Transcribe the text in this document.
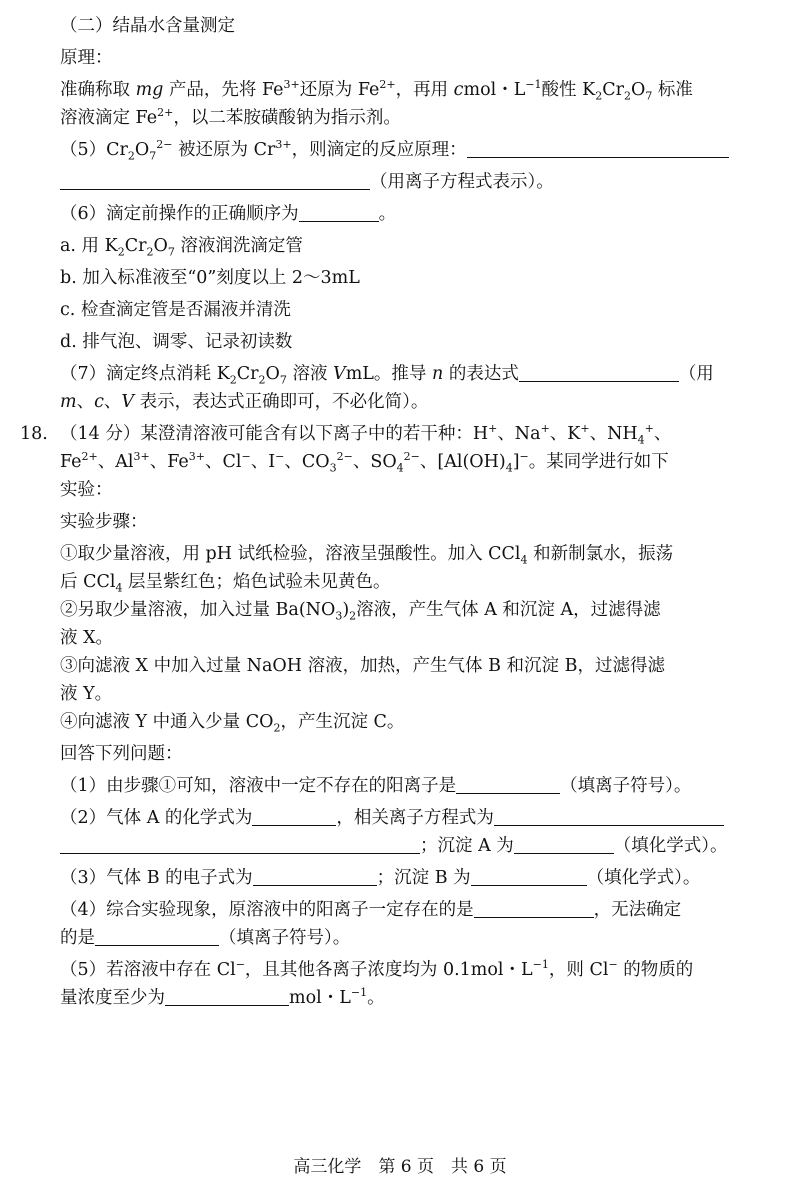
（二）结晶水含量测定
原理：
准确称取 mg 产品，先将 $Fe^{3+}$还原为 $Fe^{2+}$，再用 cmol・$L^{-1}$酸性 $K_2Cr_2O_7$ 标准
溶液滴定 $Fe^{2+}$，以二苯胺磺酸钠为指示剂。
$(5)Cr_2O_7^{2-}$ 被还原为 $Cr^{3+}$，则滴定的反应原理：
（用离子方程式表示）。
（6）滴定前操作的正确顺序为	。
a. 用 $K_2Cr_2O_7$ 溶液润洗滴定管
b. 加入标准液至“0”刻度以上 2～3mL
c. 检查滴定管是否漏液并清洗
d. 排气泡、调零、记录初读数
（7）滴定终点消耗 $K_2Cr_2O_7$ 溶液 VmL。推导 n 的表达式	（用
m、c、V 表示，表达式正确即可，不必化简）。
18. （14 分）某澄清溶液可能含有以下离子中的若干种：H+、Na+、K+、$NH_4^+$、
$Fe^{2+}$、$Al^{3+}$、$Fe^{3+}$、Cl−、I−、$CO_3^{2-}$、$SO_4^{2-}$、$[Al(OH)_4]^-$。某同学进行如下
实验：
实验步骤：
①取少量溶液，用 pH 试纸检验，溶液呈强酸性。加入 CCl$_4$ 和新制氯水，振荡
后 CCl$_4$ 层呈紫红色；焰色试验未见黄色。
②另取少量溶液，加入过量 $Ba(NO_3)_2$溶液，产生气体 A 和沉淀 A，过滤得滤
液 X。
③向滤液 X 中加入过量 NaOH 溶液，加热，产生气体 B 和沉淀 B，过滤得滤
液 Y。
④向滤液 Y 中通入少量 $CO_2$，产生沉淀 C。
回答下列问题：
（1）由步骤①可知，溶液中一定不存在的阳离子是	（填离子符号）。
（2）气体 A 的化学式为	，相关离子方程式为
；沉淀 A 为	（填化学式）。
（3）气体 B 的电子式为	；沉淀 B 为	（填化学式）。
（4）综合实验现象，原溶液中的阳离子一定存在的是	，无法确定
的是	（填离子符号）。
（5）若溶液中存在 Cl−，且其他各离子浓度均为 0.1mol・$L^{-1}$，则 Cl− 的物质的
量浓度至少为	mol・$L^{-1}$。
高三化学　第 6 页　共 6 页
